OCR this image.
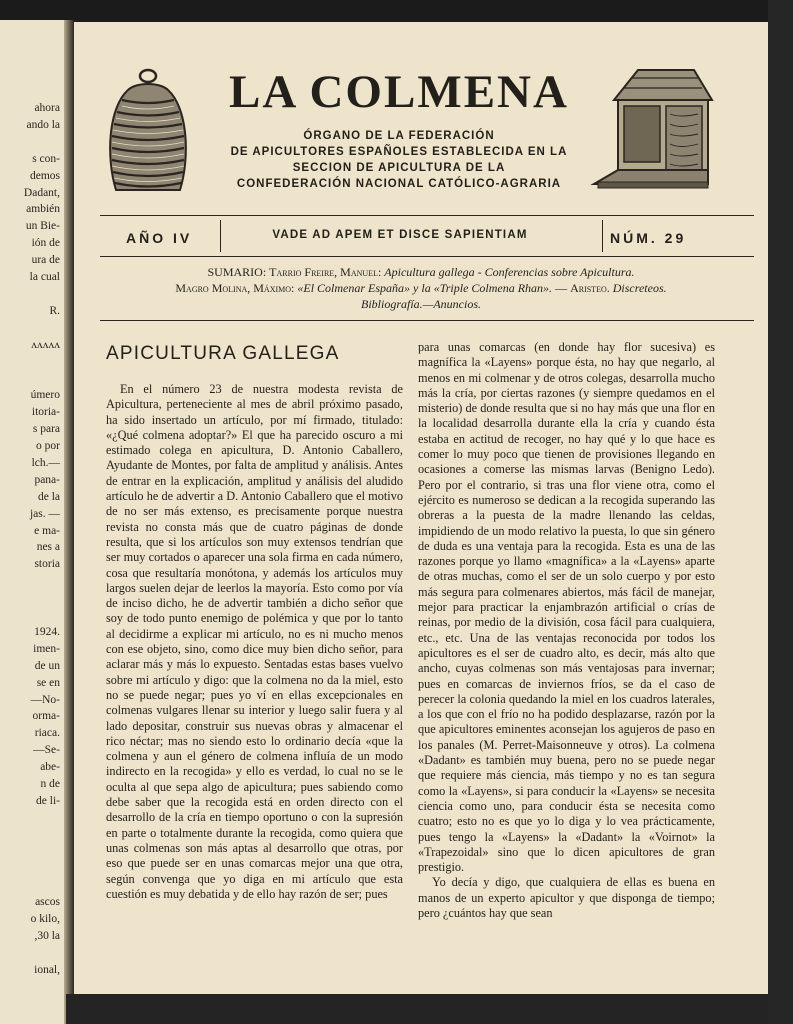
ahora
ando la
s con-
demos
Dadant,
ambién
un Bie-
ión de
ura de
la cual
R.
ʌʌʌʌʌ
úmero
itoria-
s para
o por
lch.—
pana-
de la
jas. —
e ma-
nes a
storia
1924.
imen-
de un
se en
—No-
orma-
riaca.
—Se-
abe-
n de
de li-
ascos
o kilo,
,30 la
ional,
LA COLMENA
ÓRGANO DE LA FEDERACIÓN
DE APICULTORES ESPAÑOLES ESTABLECIDA EN LA
SECCION DE APICULTURA DE LA
CONFEDERACIÓN NACIONAL CATÓLICO-AGRARIA
AÑO IV	VADE AD APEM ET DISCE SAPIENTIAM	NÚM. 29
SUMARIO: Tarrio Freire, Manuel: Apicultura gallega - Conferencias sobre Apicultura.
Magro Molina, Máximo: «El Colmenar España» y la «Triple Colmena Rhan». — Aristeo. Discreteos.
Bibliografía.—Anuncios.
APICULTURA GALLEGA

En el número 23 de nuestra modesta revista de Apicultura, perteneciente al mes de abril próximo pasado, ha sido insertado un artículo, por mí firmado, titulado: «¿Qué colmena adoptar?» El que ha parecido oscuro a mi estimado colega en apicultura, D. Antonio Caballero, Ayudante de Montes, por falta de amplitud y análisis. Antes de entrar en la explicación, amplitud y análisis del aludido artículo he de advertir a D. Antonio Caballero que el motivo de no ser más extenso, es precisamente porque nuestra revista no consta más que de cuatro páginas de donde resulta, que si los artículos son muy extensos tendrían que ser muy cortados o aparecer una sola firma en cada número, cosa que resultaría monótona, y además los artículos muy largos suelen dejar de leerlos la mayoría. Esto como por vía de inciso dicho, he de advertir también a dicho señor que soy de todo punto enemigo de polémica y que por lo tanto al decidirme a explicar mi artículo, no es ni mucho menos con ese objeto, sino, como dice muy bien dicho señor, para aclarar más y más lo expuesto. Sentadas estas bases vuelvo sobre mi artículo y digo: que la colmena no da la miel, esto no se puede negar; pues yo ví en ellas excepcionales en colmenas vulgares llenar su interior y luego salir fuera y al lado depositar, construir sus nuevas obras y almacenar el rico néctar; mas no siendo esto lo ordinario decía «que la colmena y aun el género de colmena influía de un modo indirecto en la recogida» y ello es verdad, lo cual no se le oculta al que sepa algo de apicultura; pues sabiendo como debe saber que la recogida está en orden directo con el desarrollo de la cría en tiempo oportuno o con la supresión en parte o totalmente durante la recogida, como quiera que unas colmenas son más aptas al desarrollo que otras, por eso que puede ser en unas comarcas mejor una que otra, según convenga que yo diga en mi artículo que esta cuestión es muy debatida y de ello hay razón de ser; pues

para unas comarcas (en donde hay flor sucesiva) es magnífica la «Layens» porque ésta, no hay que negarlo, al menos en mi colmenar y de otros colegas, desarrolla mucho más la cría, por ciertas razones (y siempre quedamos en el misterio) de donde resulta que si no hay más que una flor en la localidad desarrolla durante ella la cría y cuando ésta estaba en actitud de recoger, no hay qué y lo que hace es comer lo muy poco que tienen de provisiones llegando en ocasiones a comerse las mismas larvas (Benigno Ledo). Pero por el contrario, si tras una flor viene otra, como el ejército es numeroso se dedican a la recogida superando las obreras a la puesta de la madre llenando las celdas, impidiendo de un modo relativo la puesta, lo que sin género de duda es una ventaja para la recogida. Esta es una de las razones porque yo llamo «magnífica» a la «Layens» aparte de otras muchas, como el ser de un solo cuerpo y por esto más segura para colmenares abiertos, más fácil de manejar, mejor para practicar la enjambrazón artificial o crías de reinas, por medio de la división, cosa fácil para cualquiera, etc., etc. Una de las ventajas reconocida por todos los apicultores es el ser de cuadro alto, es decir, más alto que ancho, cuyas colmenas son más ventajosas para invernar; pues en comarcas de inviernos fríos, se da el caso de perecer la colonia quedando la miel en los cuadros laterales, a los que con el frío no ha podido desplazarse, razón por la que apicultores eminentes aconsejan los agujeros de paso en los panales (M. Perret-Maisonneuve y otros). La colmena «Dadant» es también muy buena, pero no se puede negar que requiere más ciencia, más tiempo y no es tan segura como la «Layens», si para conducir la «Layens» se necesita ciencia como uno, para conducir ésta se necesita como cuatro; esto no es que yo lo diga y lo vea prácticamente, pues tengo la «Layens» la «Dadant» la «Voirnot» la «Trapezoidal» sino que lo dicen apicultores de gran prestigio.

Yo decía y digo, que cualquiera de ellas es buena en manos de un experto apicultor y que disponga de tiempo; pero ¿cuántos hay que sean
